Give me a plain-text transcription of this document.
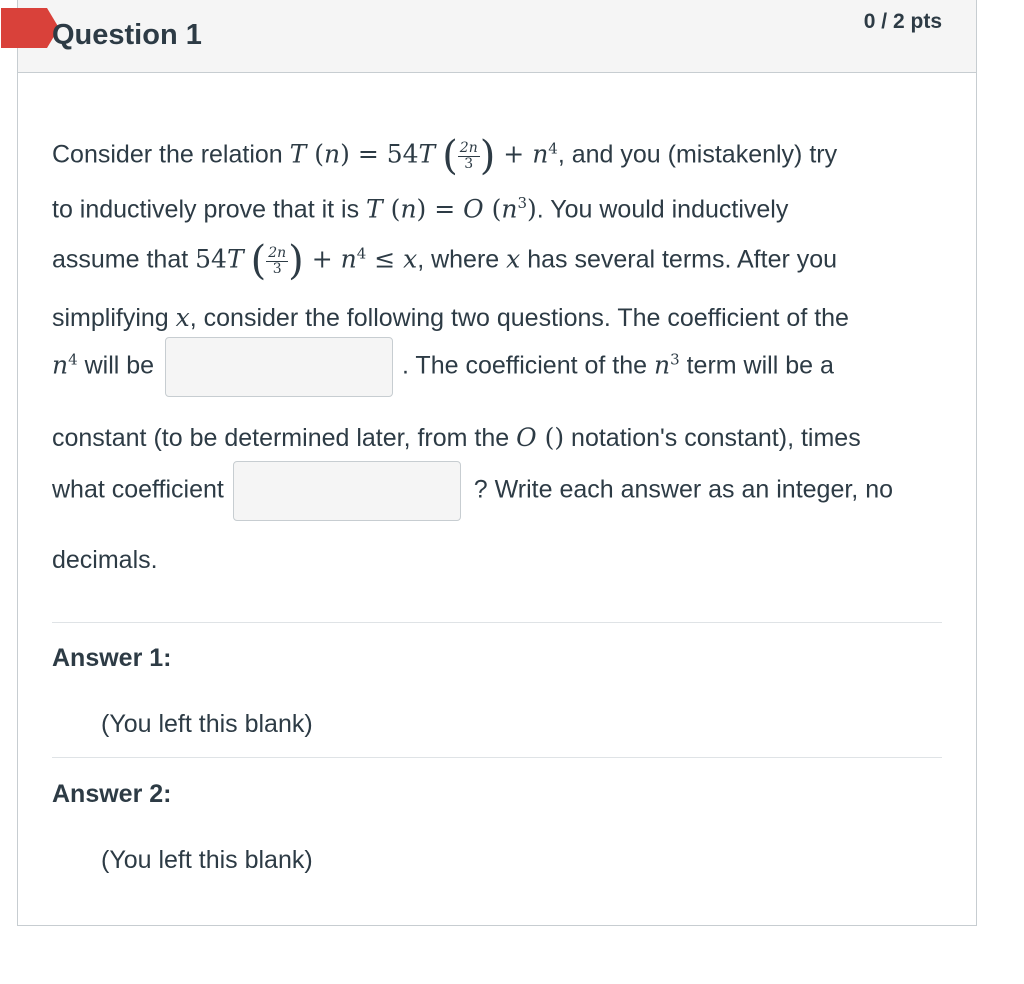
Question 1	0 / 2 pts
Consider the relation T (n) = 54T ( $\frac{2n}{3}$ ) + $n^4$, and you (mistakenly) try
to inductively prove that it is T (n) = O $(n^3)$. You would inductively
assume that 54T ( $\frac{2n}{3}$ ) + $n^4 \le x$, where x has several terms. After you
simplifying x, consider the following two questions. The coefficient of the
$n^4$ will be	. The coefficient of the $n^3$ term will be a
constant (to be determined later, from the O () notation's constant), times
what coefficient	? Write each answer as an integer, no
decimals.
Answer 1:
(You left this blank)
Answer 2:
(You left this blank)
